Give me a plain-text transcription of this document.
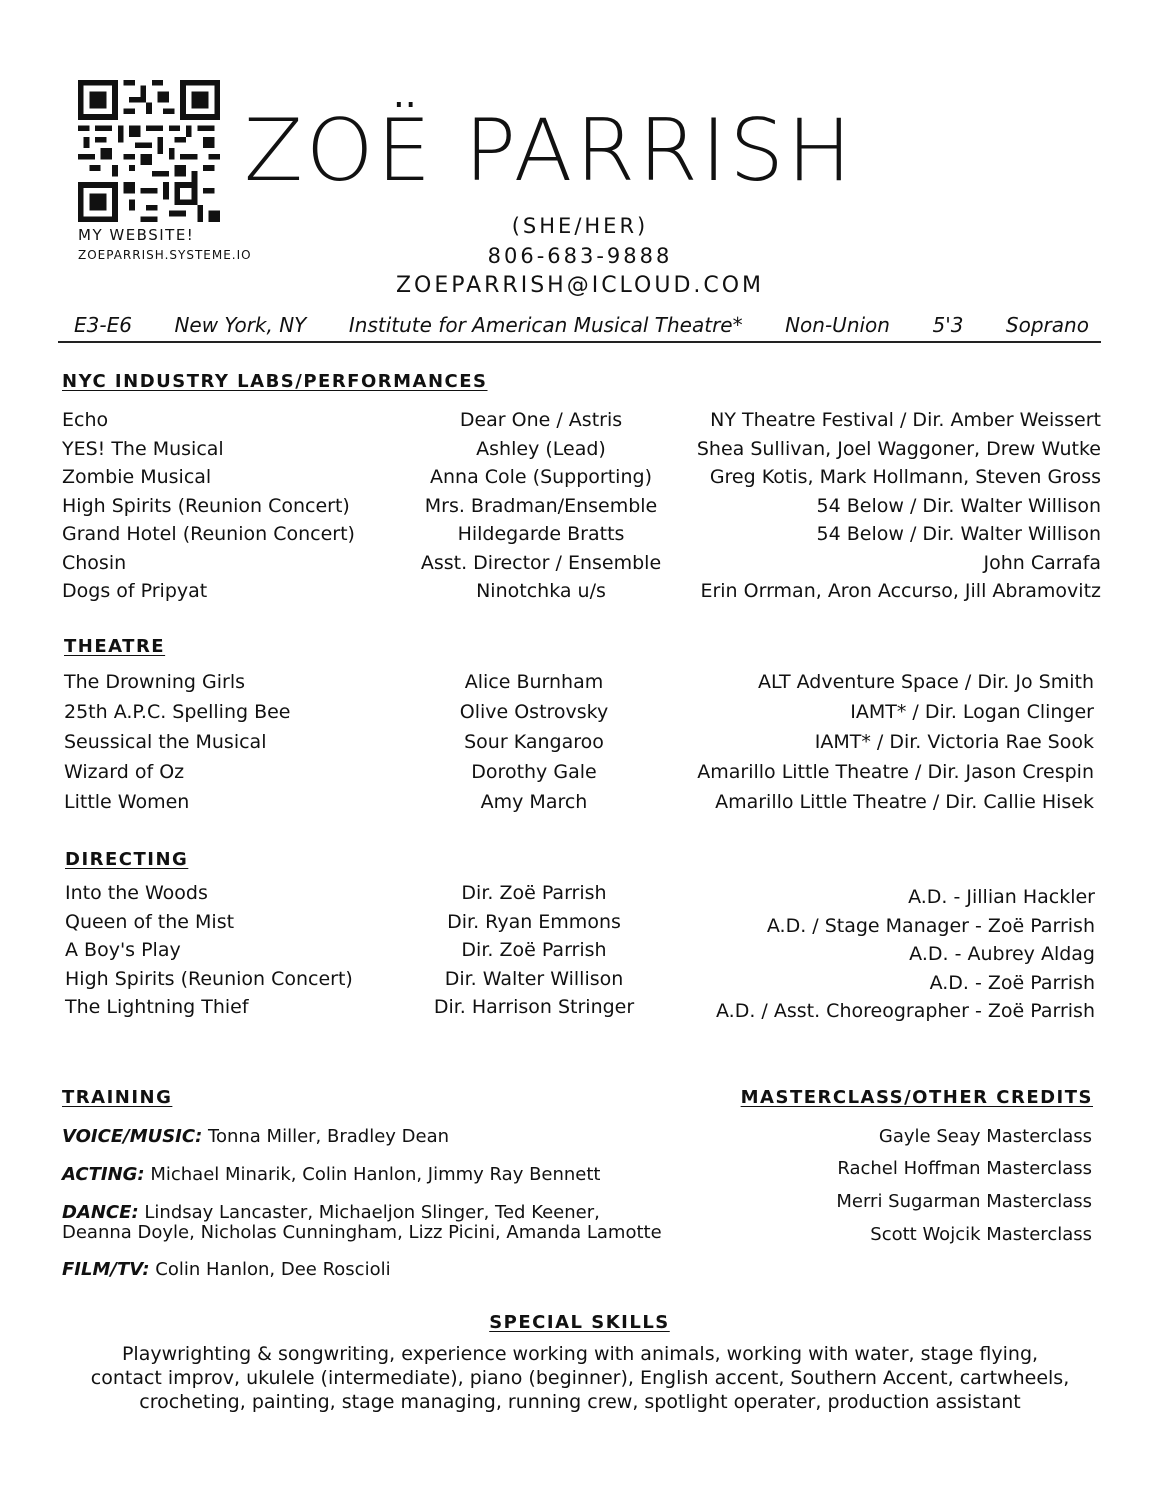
MY WEBSITE!
ZOEPARRISH.SYSTEME.IO
ZOË PARRISH
(SHE/HER)
806-683-9888
ZOEPARRISH@ICLOUD.COM
E3-E6 New York, NY Institute for American Musical Theatre* Non-Union 5'3 Soprano
NYC INDUSTRY LABS/PERFORMANCES
Echo	Dear One / Astris	NY Theatre Festival / Dir. Amber Weissert
YES! The Musical	Ashley (Lead)	Shea Sullivan, Joel Waggoner, Drew Wutke
Zombie Musical	Anna Cole (Supporting)	Greg Kotis, Mark Hollmann, Steven Gross
High Spirits (Reunion Concert)	Mrs. Bradman/Ensemble	54 Below / Dir. Walter Willison
Grand Hotel (Reunion Concert)	Hildegarde Bratts	54 Below / Dir. Walter Willison
Chosin	Asst. Director / Ensemble	John Carrafa
Dogs of Pripyat	Ninotchka u/s	Erin Orrman, Aron Accurso, Jill Abramovitz
THEATRE
The Drowning Girls	Alice Burnham	ALT Adventure Space / Dir. Jo Smith
25th A.P.C. Spelling Bee	Olive Ostrovsky	IAMT* / Dir. Logan Clinger
Seussical the Musical	Sour Kangaroo	IAMT* / Dir. Victoria Rae Sook
Wizard of Oz	Dorothy Gale	Amarillo Little Theatre / Dir. Jason Crespin
Little Women	Amy March	Amarillo Little Theatre / Dir. Callie Hisek
DIRECTING
Into the Woods	Dir. Zoë Parrish	A.D. - Jillian Hackler
Queen of the Mist	Dir. Ryan Emmons	A.D. / Stage Manager - Zoë Parrish
A Boy's Play	Dir. Zoë Parrish	A.D. - Aubrey Aldag
High Spirits (Reunion Concert)	Dir. Walter Willison	A.D. - Zoë Parrish
The Lightning Thief	Dir. Harrison Stringer	A.D. / Asst. Choreographer - Zoë Parrish
TRAINING
VOICE/MUSIC: Tonna Miller, Bradley Dean
ACTING: Michael Minarik, Colin Hanlon, Jimmy Ray Bennett
DANCE: Lindsay Lancaster, Michaeljon Slinger, Ted Keener,
Deanna Doyle, Nicholas Cunningham, Lizz Picini, Amanda Lamotte
FILM/TV: Colin Hanlon, Dee Roscioli
MASTERCLASS/OTHER CREDITS
Gayle Seay Masterclass
Rachel Hoffman Masterclass
Merri Sugarman Masterclass
Scott Wojcik Masterclass
SPECIAL SKILLS
Playwrighting & songwriting, experience working with animals, working with water, stage flying,
contact improv, ukulele (intermediate), piano (beginner), English accent, Southern Accent, cartwheels,
crocheting, painting, stage managing, running crew, spotlight operater, production assistant
